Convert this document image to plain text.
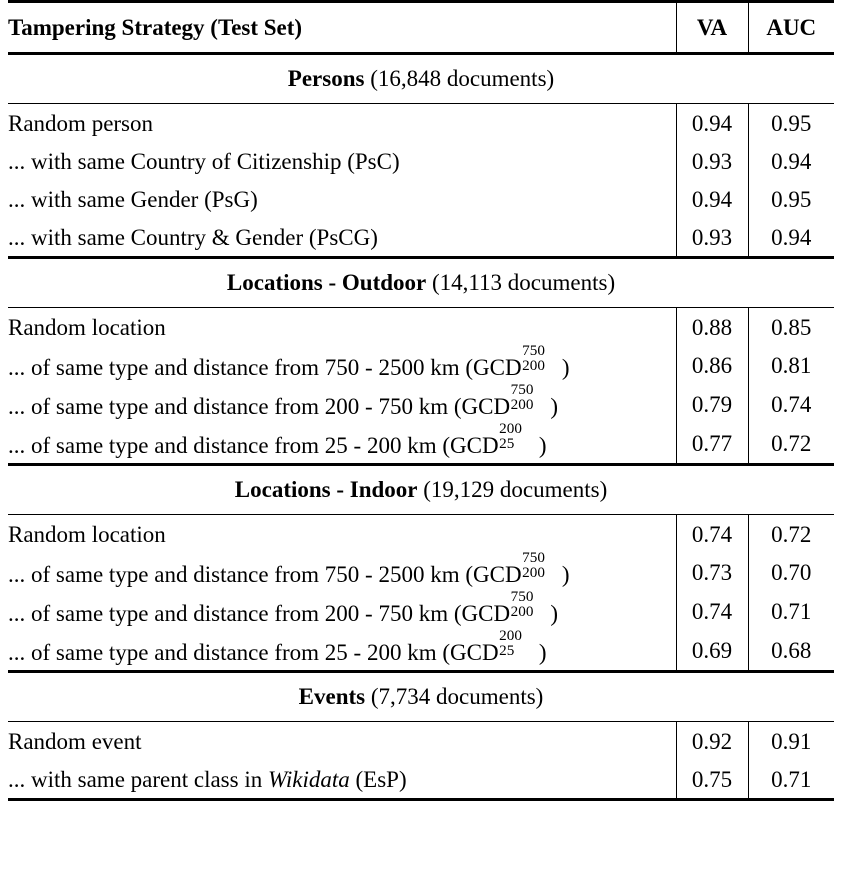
Tampering Strategy (Test Set)	VA	AUC

Persons (16,848 documents)		

Random person	0.94	0.95
... with same Country of Citizenship (PsC)	0.93	0.94
... with same Gender (PsG)	0.94	0.95
... with same Country & Gender (PsCG)	0.93	0.94

Locations - Outdoor (14,113 documents)		

Random location	0.88	0.85
... of same type and distance from 750 - 2500 km (GCD
750
200 )	0.86	0.81
... of same type and distance from 200 - 750 km (GCD
750
200 )	0.79	0.74
... of same type and distance from 25 - 200 km (GCD
200
25 )	0.77	0.72

Locations - Indoor (19,129 documents)		

Random location	0.74	0.72
... of same type and distance from 750 - 2500 km (GCD
750
200 )	0.73	0.70
... of same type and distance from 200 - 750 km (GCD
750
200 )	0.74	0.71
... of same type and distance from 25 - 200 km (GCD
200
25 )	0.69	0.68

Events (7,734 documents)		

Random event	0.92	0.91
... with same parent class in Wikidata (EsP)	0.75	0.71
